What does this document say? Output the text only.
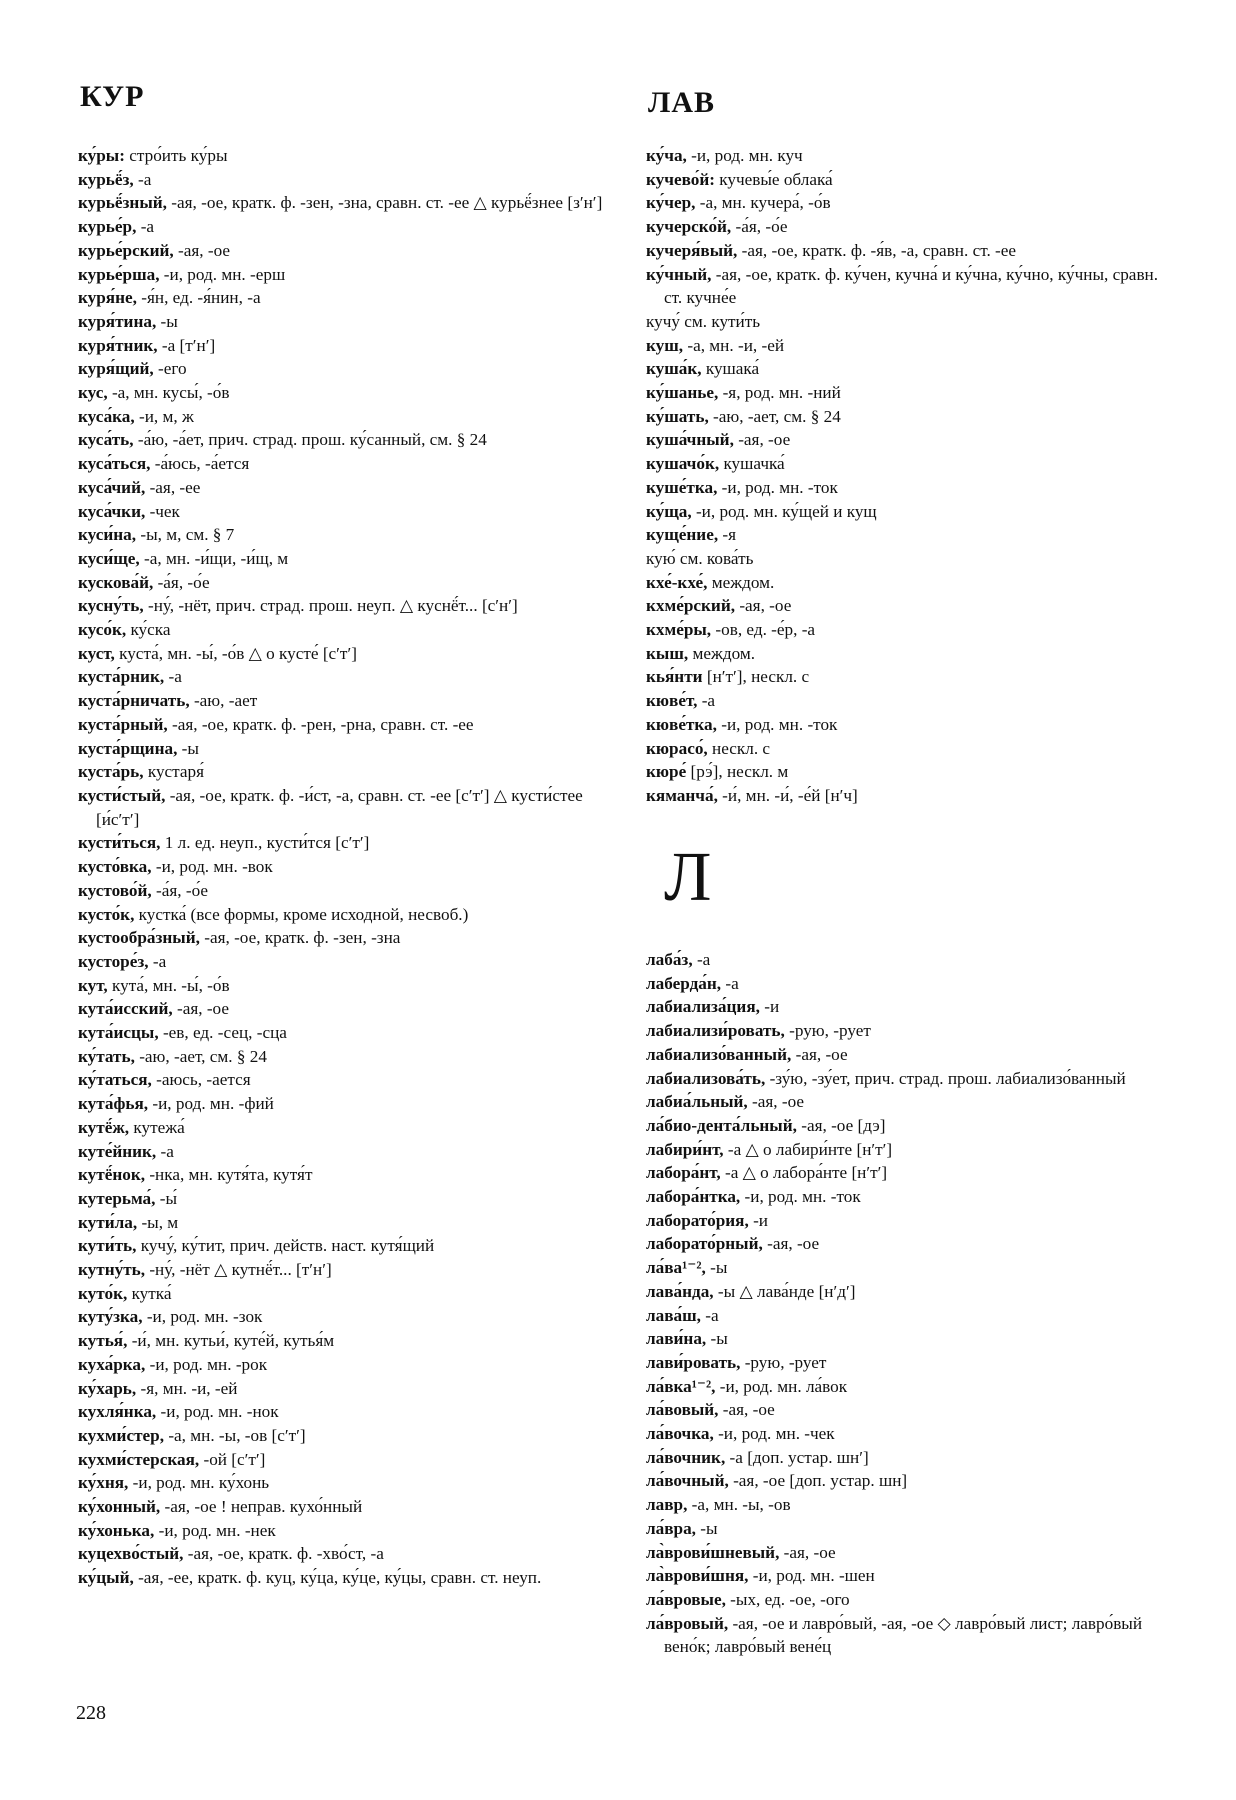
КУР	ЛАВ

ку́ры: стро́ить ку́ры

курьё́з, -а

курьё́зный, -ая, -ое, кратк. ф. -зен, -зна, сравн. ст. -ее △ курьё́знее [зʹнʹ]

курье́р, -а

курье́рский, -ая, -ое

курье́рша, -и, род. мн. -ерш

куря́не, -я́н, ед. -я́нин, -а

куря́тина, -ы

куря́тник, -а [тʹнʹ]

куря́щий, -его

кус, -а, мн. кусы́, -о́в

куса́ка, -и, м, ж

куса́ть, -а́ю, -а́ет, прич. страд. прош. ку́санный, см. § 24

куса́ться, -а́юсь, -а́ется

куса́чий, -ая, -ее

куса́чки, -чек

куси́на, -ы, м, см. § 7

куси́ще, -а, мн. -и́щи, -и́щ, м

кускова́й, -а́я, -о́е

кусну́ть, -ну́, -нёт, прич. страд. прош. неуп. △ куснё́т... [сʹнʹ]

кусо́к, ку́ска

куст, куста́, мн. -ы́, -о́в △ о кусте́ [сʹтʹ]

куста́рник, -а

куста́рничать, -аю, -ает

куста́рный, -ая, -ое, кратк. ф. -рен, -рна, сравн. ст. -ее

куста́рщина, -ы

куста́рь, кустаря́

кусти́стый, -ая, -ое, кратк. ф. -и́ст, -а, сравн. ст. -ее [сʹтʹ] △ кусти́стее [и́сʹтʹ]

кусти́ться, 1 л. ед. неуп., кусти́тся [сʹтʹ]

кусто́вка, -и, род. мн. -вок

кустово́й, -а́я, -о́е

кусто́к, кустка́ (все формы, кроме исходной, несвоб.)

кустообра́зный, -ая, -ое, кратк. ф. -зен, -зна

кусторе́з, -а

кут, кута́, мн. -ы́, -о́в

кута́исский, -ая, -ое

кута́исцы, -ев, ед. -сец, -сца

ку́тать, -аю, -ает, см. § 24

ку́таться, -аюсь, -ается

кута́фья, -и, род. мн. -фий

кутё́ж, кутежа́

куте́йник, -а

кутё́нок, -нка, мн. кутя́та, кутя́т

кутерьма́, -ы́

кути́ла, -ы, м

кути́ть, кучу́, ку́тит, прич. действ. наст. кутя́щий

кутну́ть, -ну́, -нёт △ кутнё́т... [тʹнʹ]

куто́к, кутка́

куту́зка, -и, род. мн. -зок

кутья́, -и́, мн. кутьи́, куте́й, кутья́м

куха́рка, -и, род. мн. -рок

ку́харь, -я, мн. -и, -ей

кухля́нка, -и, род. мн. -нок

кухми́стер, -а, мн. -ы, -ов [сʹтʹ]

кухми́стерская, -ой [сʹтʹ]

ку́хня, -и, род. мн. ку́хонь

ку́хонный, -ая, -ое ! неправ. кухо́нный

ку́хонька, -и, род. мн. -нек

куцехво́стый, -ая, -ое, кратк. ф. -хво́ст, -а

ку́цый, -ая, -ее, кратк. ф. куц, ку́ца, ку́це, ку́цы, сравн. ст. неуп.

ку́ча, -и, род. мн. куч

кучево́й: кучевы́е облака́

ку́чер, -а, мн. кучера́, -о́в

кучерско́й, -а́я, -о́е

кучеря́вый, -ая, -ое, кратк. ф. -я́в, -а, сравн. ст. -ее

ку́чный, -ая, -ое, кратк. ф. ку́чен, кучна́ и ку́чна, ку́чно, ку́чны, сравн. ст. кучне́е

кучу́ см. кути́ть

куш, -а, мн. -и, -ей

куша́к, кушака́

ку́шанье, -я, род. мн. -ний

ку́шать, -аю, -ает, см. § 24

куша́чный, -ая, -ое

кушачо́к, кушачка́

куше́тка, -и, род. мн. -ток

ку́ща, -и, род. мн. ку́щей и кущ

куще́ние, -я

кую́ см. кова́ть

кхе́-кхе́, междом.

кхме́рский, -ая, -ое

кхме́ры, -ов, ед. -е́р, -а

кыш, междом.

кья́нти [нʹтʹ], нескл. с

кюве́т, -а

кюве́тка, -и, род. мн. -ток

кюрасо́, нескл. с

кюре́ [рэ́], нескл. м

кяманча́, -и́, мн. -и́, -е́й [нʹч]

Л

лаба́з, -а

лаберда́н, -а

лабиализа́ция, -и

лабиализи́ровать, -рую, -рует

лабиализо́ванный, -ая, -ое

лабиализова́ть, -зу́ю, -зу́ет, прич. страд. прош. лабиализо́ванный

лабиа́льный, -ая, -ое

ла́био-дента́льный, -ая, -ое [дэ]

лабири́нт, -а △ о лабири́нте [нʹтʹ]

лабора́нт, -а △ о лабора́нте [нʹтʹ]

лабора́нтка, -и, род. мн. -ток

лаборато́рия, -и

лаборато́рный, -ая, -ое

ла́ва¹⁻², -ы

лава́нда, -ы △ лава́нде [нʹдʹ]

лава́ш, -а

лави́на, -ы

лави́ровать, -рую, -рует

ла́вка¹⁻², -и, род. мн. ла́вок

ла́вовый, -ая, -ое

ла́вочка, -и, род. мн. -чек

ла́вочник, -а [доп. устар. шнʹ]

ла́вочный, -ая, -ое [доп. устар. шн]

лавр, -а, мн. -ы, -ов

ла́вра, -ы

ла̀врови́шневый, -ая, -ое

ла̀врови́шня, -и, род. мн. -шен

ла́вровые, -ых, ед. -ое, -ого

ла́вровый, -ая, -ое и лавро́вый, -ая, -ое ◇ лавро́вый лист; лавро́вый вено́к; лавро́вый вене́ц

228
